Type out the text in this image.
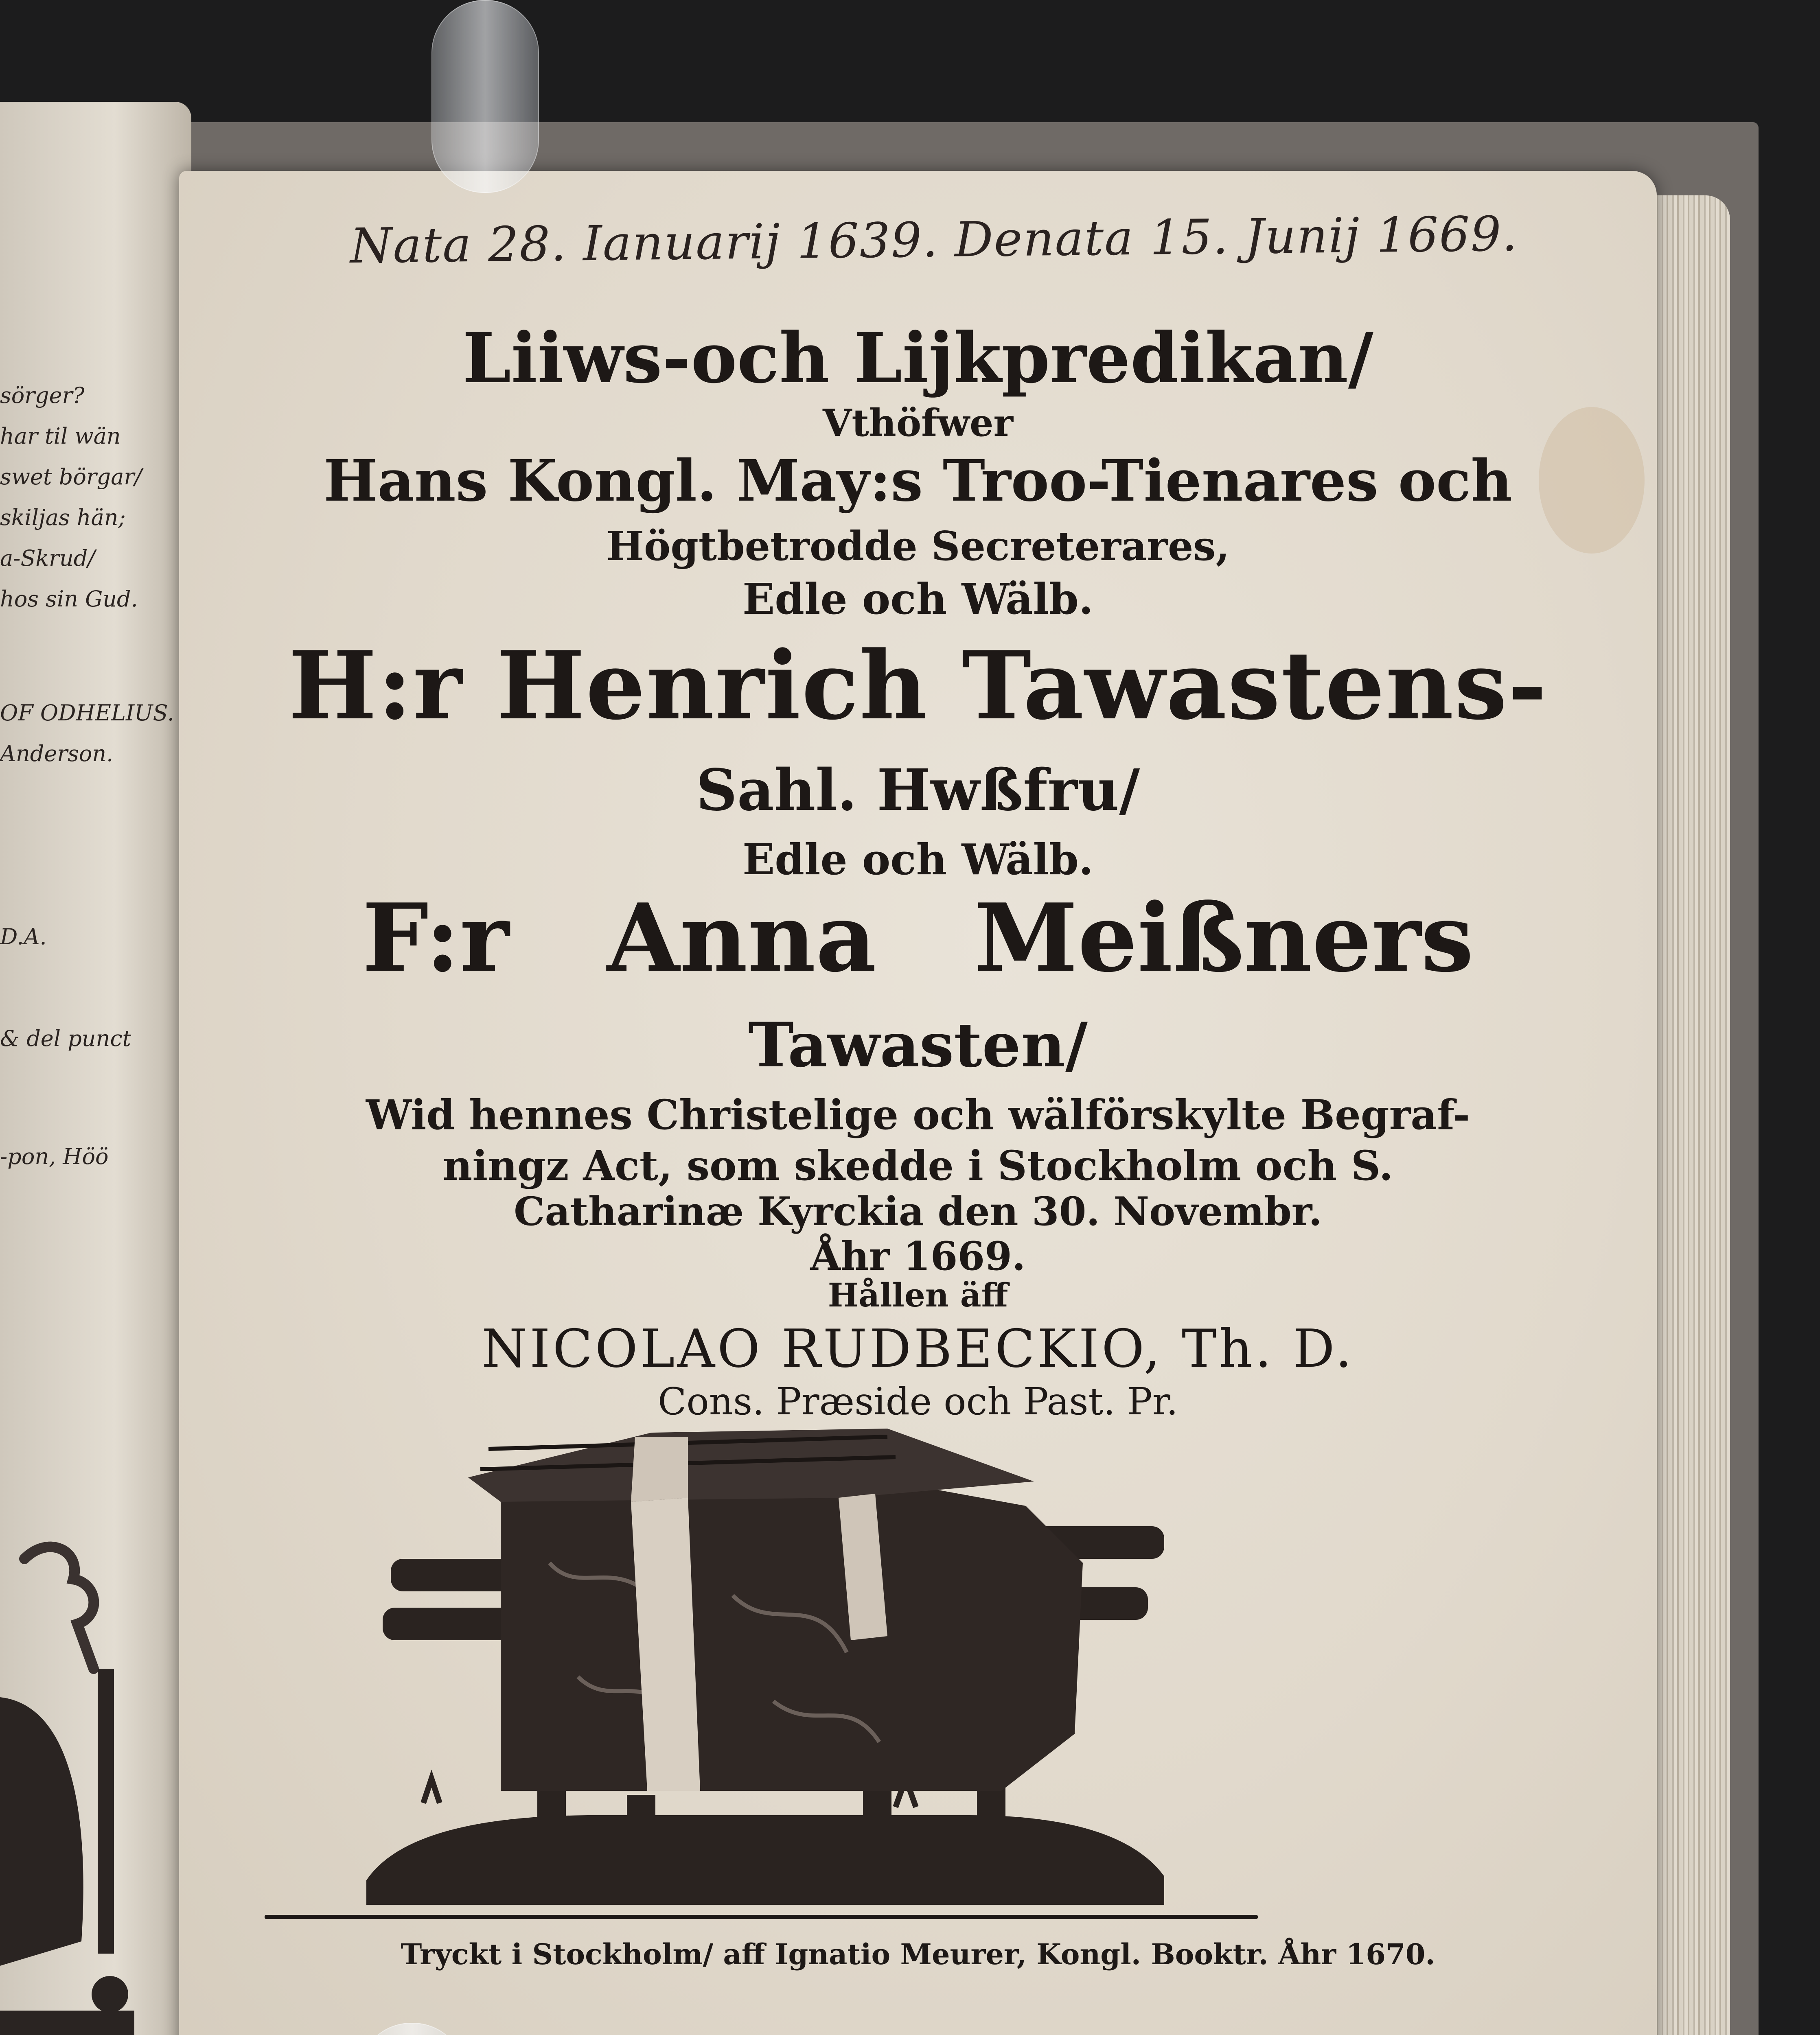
sörger?
har til wän
swet börgar/
skiljas hän;
a-Skrud/
hos sin Gud.
OF ODHELIUS.
Anderson.
D.A.
& del punct
-pon, Höö
Nata 28. Ianuarij 1639. Denata 15. Junij 1669.
Liiws-och Lijkpredikan/
Vthöfwer
Hans Kongl. May:s Troo-Tienares och
Högtbetrodde Secreterares,
Edle och Wälb.
H:r Henrich Tawastens-
Sahl. Hwßfru/
Edle och Wälb.
F:r Anna Meißners
Tawasten/
Wid hennes Christelige och wälförskylte Begraf-
ningz Act, som skedde i Stockholm och S.
Catharinæ Kyrckia den 30. Novembr.
Åhr 1669.
Hållen äff
NICOLAO RUDBECKIO, Th. D.
Cons. Præside och Past. Pr.
Tryckt i Stockholm/ aff Ignatio Meurer, Kongl. Booktr. Åhr 1670.
